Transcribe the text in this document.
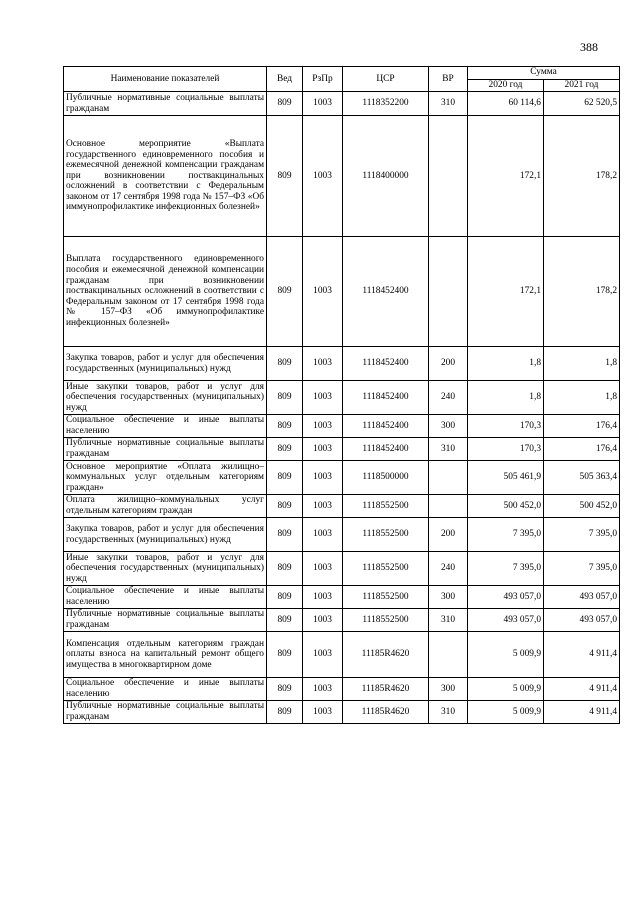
388
Наименование показателей	Вед	РзПр	ЦСР	ВР	Сумма	
					2020 год	2021 год
Публичные нормативные социальные выплаты гражданам	809	1003	1118352200	310	60 114,6	62 520,5
Основное мероприятие «Выплата государственного единовременного пособия и ежемесячной денежной компенсации гражданам при возникновении поствакцинальных осложнений в соответствии с Федеральным законом от 17 сентября 1998 года № 157–ФЗ «Об иммунопрофилактике инфекционных болезней»	809	1003	1118400000		172,1	178,2
Выплата государственного единовременного пособия и ежемесячной денежной компенсации гражданам при возникновении поствакцинальных осложнений в соответствии с Федеральным законом от 17 сентября 1998 года № 157–ФЗ «Об иммунопрофилактике инфекционных болезней»	809	1003	1118452400		172,1	178,2
Закупка товаров, работ и услуг для обеспечения государственных (муниципальных) нужд	809	1003	1118452400	200	1,8	1,8
Иные закупки товаров, работ и услуг для обеспечения государственных (муниципальных) нужд	809	1003	1118452400	240	1,8	1,8
Социальное обеспечение и иные выплаты населению	809	1003	1118452400	300	170,3	176,4
Публичные нормативные социальные выплаты гражданам	809	1003	1118452400	310	170,3	176,4
Основное мероприятие «Оплата жилищно–коммунальных услуг отдельным категориям граждан»	809	1003	1118500000		505 461,9	505 363,4
Оплата жилищно–коммунальных услуг отдельным категориям граждан	809	1003	1118552500		500 452,0	500 452,0
Закупка товаров, работ и услуг для обеспечения государственных (муниципальных) нужд	809	1003	1118552500	200	7 395,0	7 395,0
Иные закупки товаров, работ и услуг для обеспечения государственных (муниципальных) нужд	809	1003	1118552500	240	7 395,0	7 395,0
Социальное обеспечение и иные выплаты населению	809	1003	1118552500	300	493 057,0	493 057,0
Публичные нормативные социальные выплаты гражданам	809	1003	1118552500	310	493 057,0	493 057,0
Компенсация отдельным категориям граждан оплаты взноса на капитальный ремонт общего имущества в многоквартирном доме	809	1003	11185R4620		5 009,9	4 911,4
Социальное обеспечение и иные выплаты населению	809	1003	11185R4620	300	5 009,9	4 911,4
Публичные нормативные социальные выплаты гражданам	809	1003	11185R4620	310	5 009,9	4 911,4
